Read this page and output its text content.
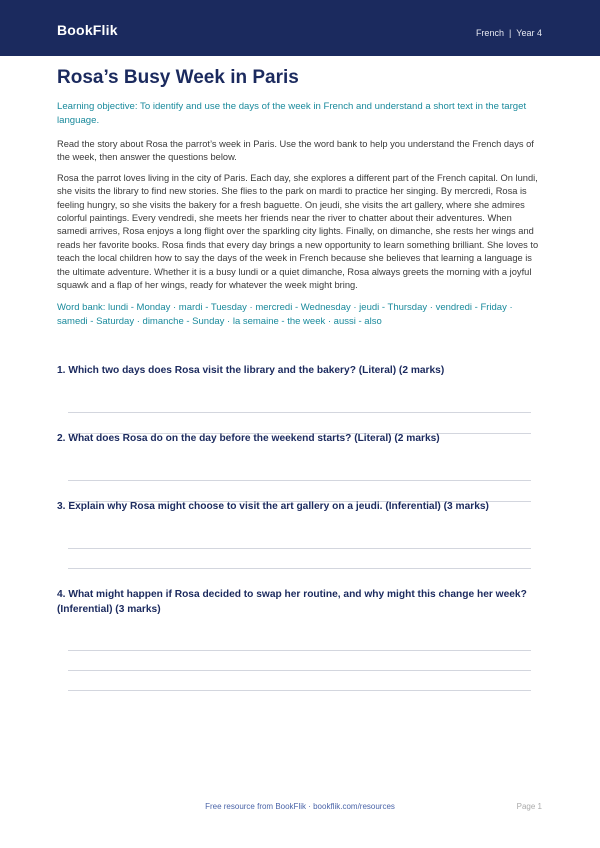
BookFlik	French | Year 4
Rosa’s Busy Week in Paris

Learning objective: To identify and use the days of the week in French and understand a short text in the target language.

Read the story about Rosa the parrot’s week in Paris. Use the word bank to help you understand the French days of the week, then answer the questions below.

Rosa the parrot loves living in the city of Paris. Each day, she explores a different part of the French capital. On lundi, she visits the library to find new stories. She flies to the park on mardi to practice her singing. By mercredi, Rosa is feeling hungry, so she visits the bakery for a fresh baguette. On jeudi, she visits the art gallery, where she admires colorful paintings. Every vendredi, she meets her friends near the river to chatter about their adventures. When samedi arrives, Rosa enjoys a long flight over the sparkling city lights. Finally, on dimanche, she rests her wings and reads her favorite books. Rosa finds that every day brings a new opportunity to learn something brilliant. She loves to teach the local children how to say the days of the week in French because she believes that learning a language is the ultimate adventure. Whether it is a busy lundi or a quiet dimanche, Rosa always greets the morning with a joyful squawk and a flap of her wings, ready for whatever the week might bring.

Word bank: lundi - Monday · mardi - Tuesday · mercredi - Wednesday · jeudi - Thursday · vendredi - Friday · samedi - Saturday · dimanche - Sunday · la semaine - the week · aussi - also

1. Which two days does Rosa visit the library and the bakery? (Literal) (2 marks)
2. What does Rosa do on the day before the weekend starts? (Literal) (2 marks)
3. Explain why Rosa might choose to visit the art gallery on a jeudi. (Inferential) (3 marks)
4. What might happen if Rosa decided to swap her routine, and why might this change her week? (Inferential) (3 marks)
Free resource from BookFlik · bookflik.com/resources	Page 1
